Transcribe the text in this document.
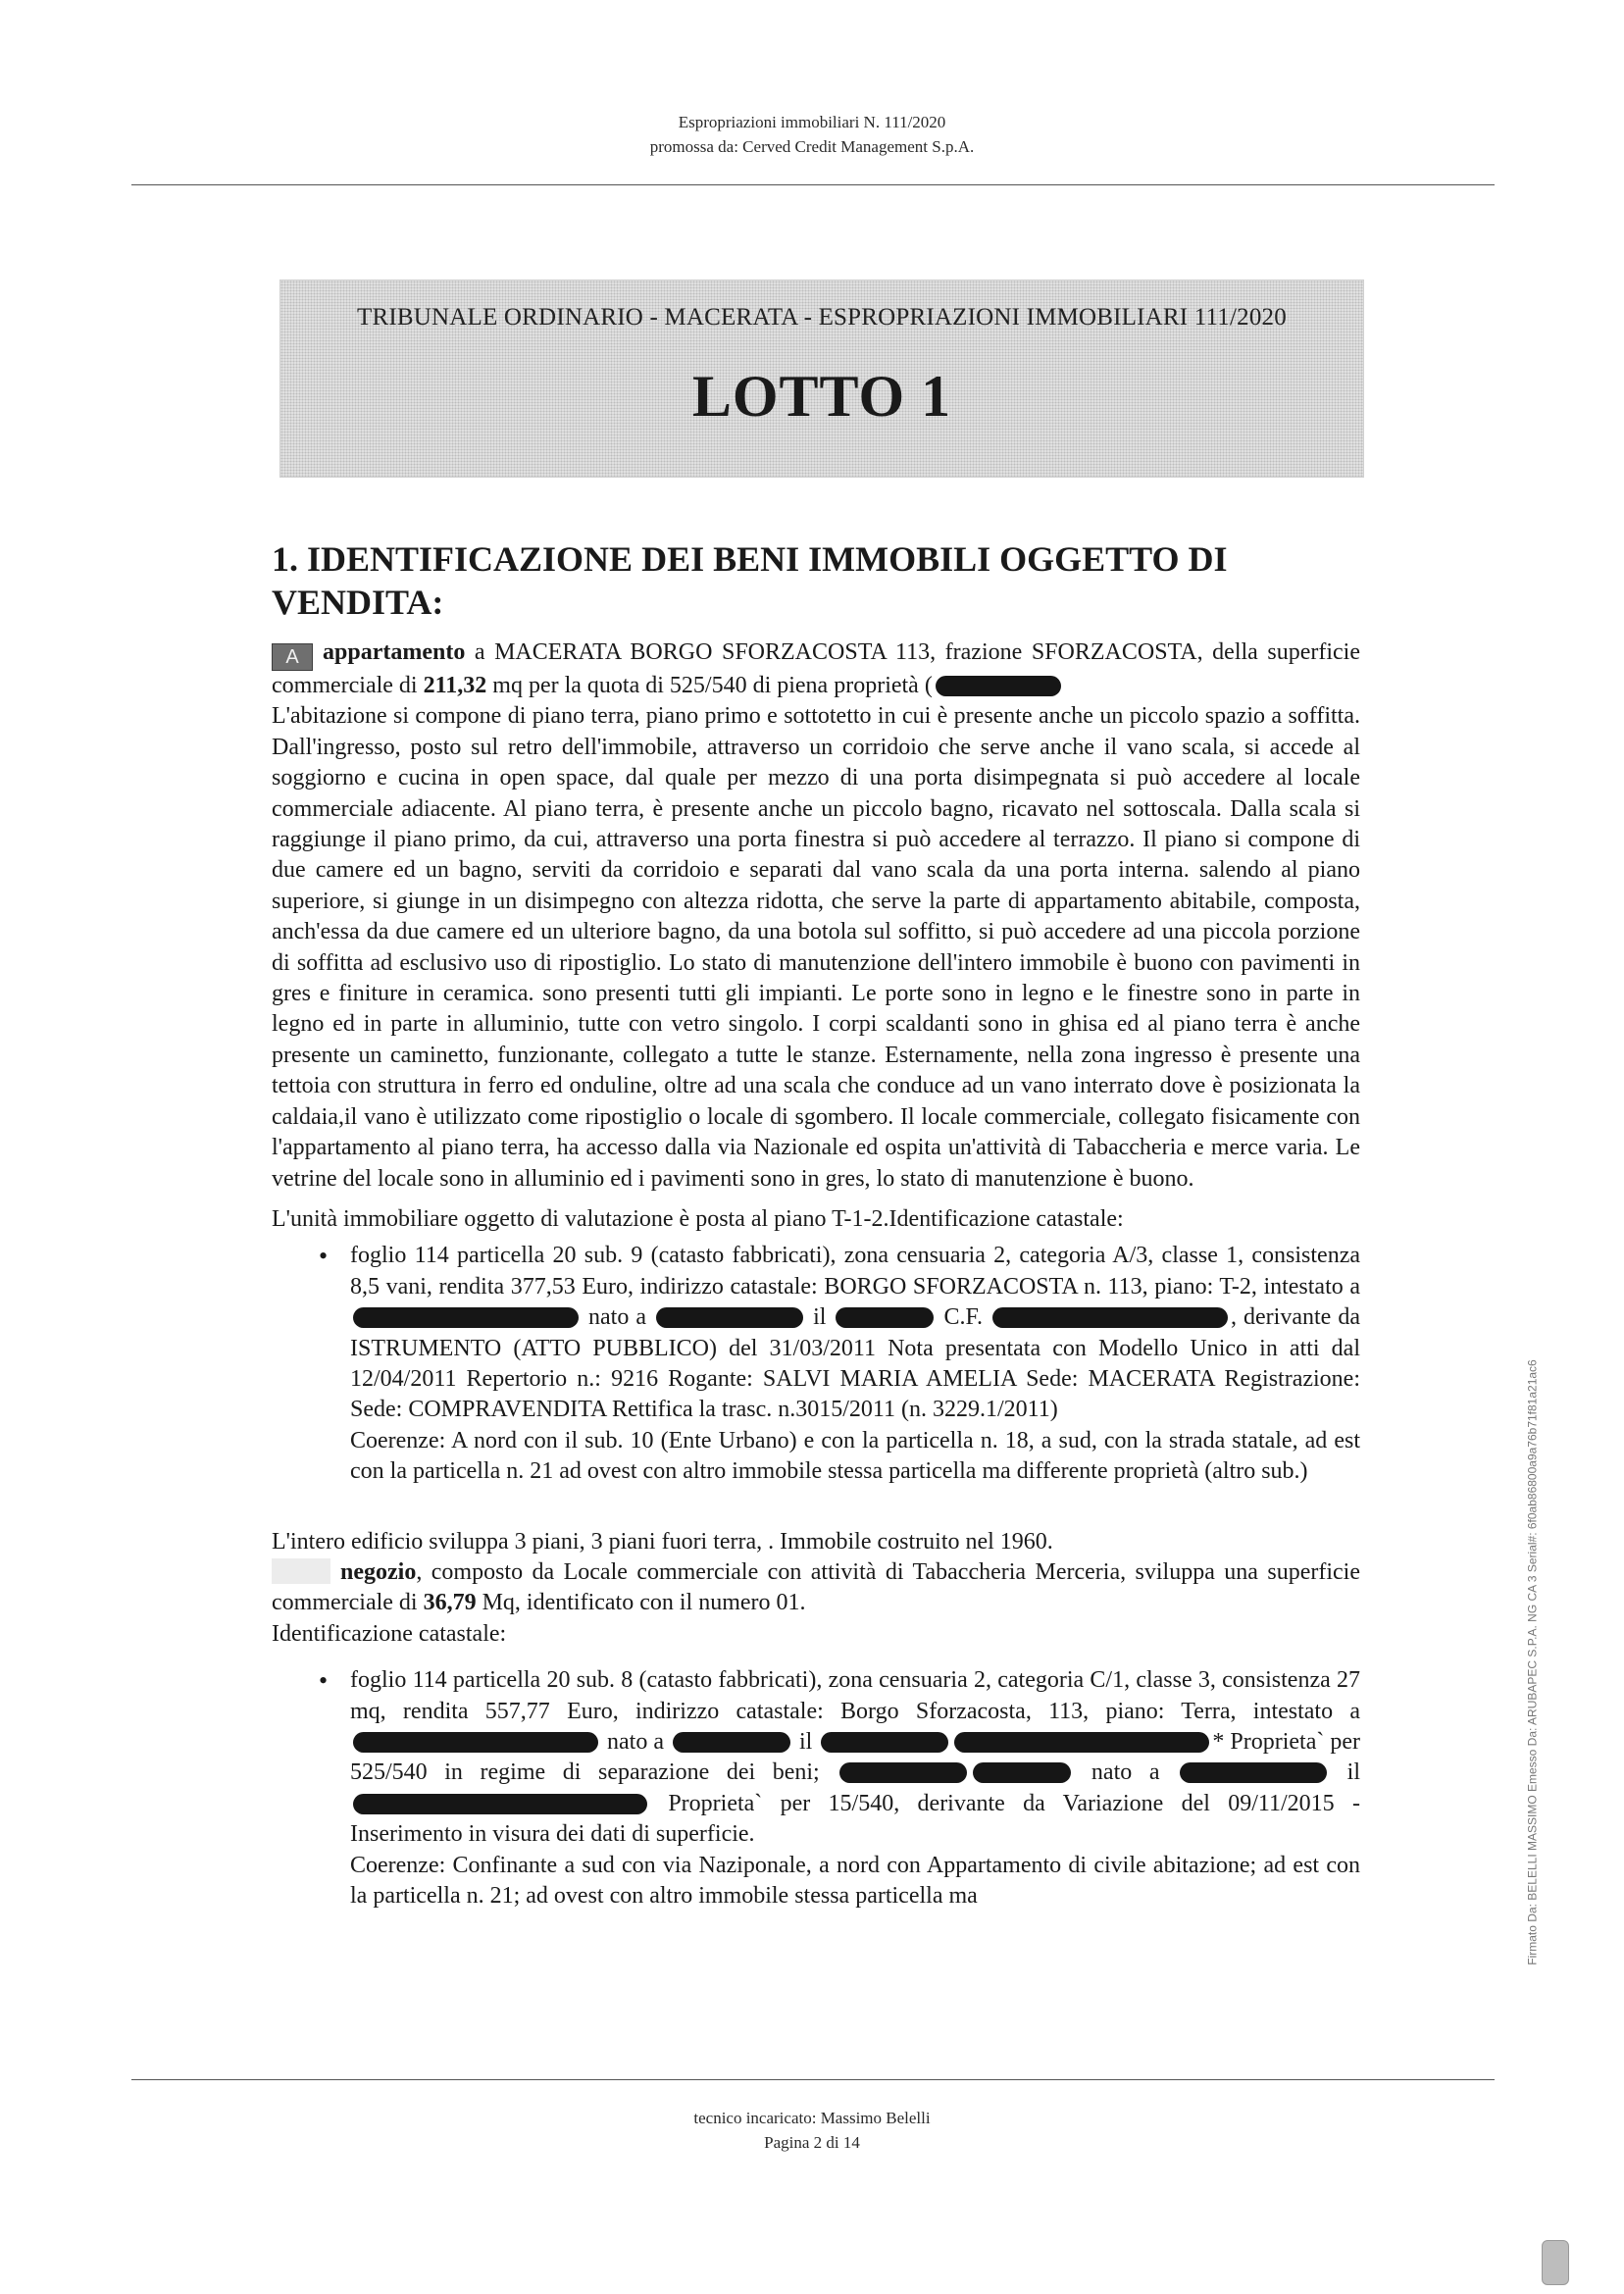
Espropriazioni immobiliari N. 111/2020
promossa da: Cerved Credit Management S.p.A.
TRIBUNALE ORDINARIO - MACERATA - ESPROPRIAZIONI IMMOBILIARI 111/2020
LOTTO 1
1. IDENTIFICAZIONE DEI BENI IMMOBILI OGGETTO DI VENDITA:

A appartamento a MACERATA BORGO SFORZACOSTA 113, frazione SFORZACOSTA, della superficie commerciale di 211,32 mq per la quota di 525/540 di piena proprietà (

L'abitazione si compone di piano terra, piano primo e sottotetto in cui è presente anche un piccolo spazio a soffitta. Dall'ingresso, posto sul retro dell'immobile, attraverso un corridoio che serve anche il vano scala, si accede al soggiorno e cucina in open space, dal quale per mezzo di una porta disimpegnata si può accedere al locale commerciale adiacente. Al piano terra, è presente anche un piccolo bagno, ricavato nel sottoscala. Dalla scala si raggiunge il piano primo, da cui, attraverso una porta finestra si può accedere al terrazzo. Il piano si compone di due camere ed un bagno, serviti da corridoio e separati dal vano scala da una porta interna. salendo al piano superiore, si giunge in un disimpegno con altezza ridotta, che serve la parte di appartamento abitabile, composta, anch'essa da due camere ed un ulteriore bagno, da una botola sul soffitto, si può accedere ad una piccola porzione di soffitta ad esclusivo uso di ripostiglio. Lo stato di manutenzione dell'intero immobile è buono con pavimenti in gres e finiture in ceramica. sono presenti tutti gli impianti. Le porte sono in legno e le finestre sono in parte in legno ed in parte in alluminio, tutte con vetro singolo. I corpi scaldanti sono in ghisa ed al piano terra è anche presente un caminetto, funzionante, collegato a tutte le stanze. Esternamente, nella zona ingresso è presente una tettoia con struttura in ferro ed onduline, oltre ad una scala che conduce ad un vano interrato dove è posizionata la caldaia,il vano è utilizzato come ripostiglio o locale di sgombero. Il locale commerciale, collegato fisicamente con l'appartamento al piano terra, ha accesso dalla via Nazionale ed ospita un'attività di Tabaccheria e merce varia. Le vetrine del locale sono in alluminio ed i pavimenti sono in gres, lo stato di manutenzione è buono.

L'unità immobiliare oggetto di valutazione è posta al piano T-1-2.Identificazione catastale:

• foglio 114 particella 20 sub. 9 (catasto fabbricati), zona censuaria 2, categoria A/3, classe 1, consistenza 8,5 vani, rendita 377,53 Euro, indirizzo catastale: BORGO SFORZACOSTA n. 113, piano: T-2, intestato a  nato a	il	C.F.	, derivante da ISTRUMENTO (ATTO PUBBLICO) del 31/03/2011 Nota presentata con Modello Unico in atti dal 12/04/2011 Repertorio n.: 9216 Rogante: SALVI MARIA AMELIA Sede: MACERATA Registrazione: Sede: COMPRAVENDITA Rettifica la trasc. n.3015/2011 (n. 3229.1/2011)
Coerenze: A nord con il sub. 10 (Ente Urbano) e con la particella n. 18, a sud, con la strada statale, ad est con la particella n. 21 ad ovest con altro immobile stessa particella ma differente proprietà (altro sub.)

L'intero edificio sviluppa 3 piani, 3 piani fuori terra, . Immobile costruito nel 1960.

negozio, composto da Locale commerciale con attività di Tabaccheria Merceria, sviluppa una superficie commerciale di 36,79 Mq, identificato con il numero 01.

Identificazione catastale:

• foglio 114 particella 20 sub. 8 (catasto fabbricati), zona censuaria 2, categoria C/1, classe 3, consistenza 27 mq, rendita 557,77 Euro, indirizzo catastale: Borgo Sforzacosta, 113, piano: Terra, intestato a  nato a	il	* Proprieta` per 525/540 in regime di separazione dei beni;	nato a	il  Proprieta` per 15/540, derivante da Variazione del 09/11/2015 - Inserimento in visura dei dati di superficie.
Coerenze: Confinante a sud con via Naziponale, a nord con Appartamento di civile abitazione; ad est con la particella n. 21; ad ovest con altro immobile stessa particella ma
tecnico incaricato: Massimo Belelli
Pagina 2 di 14
Firmato Da: BELELLI MASSIMO Emesso Da: ARUBAPEC S.P.A. NG CA 3 Serial#: 6f0ab86800a9a76b71f81a21ac6
